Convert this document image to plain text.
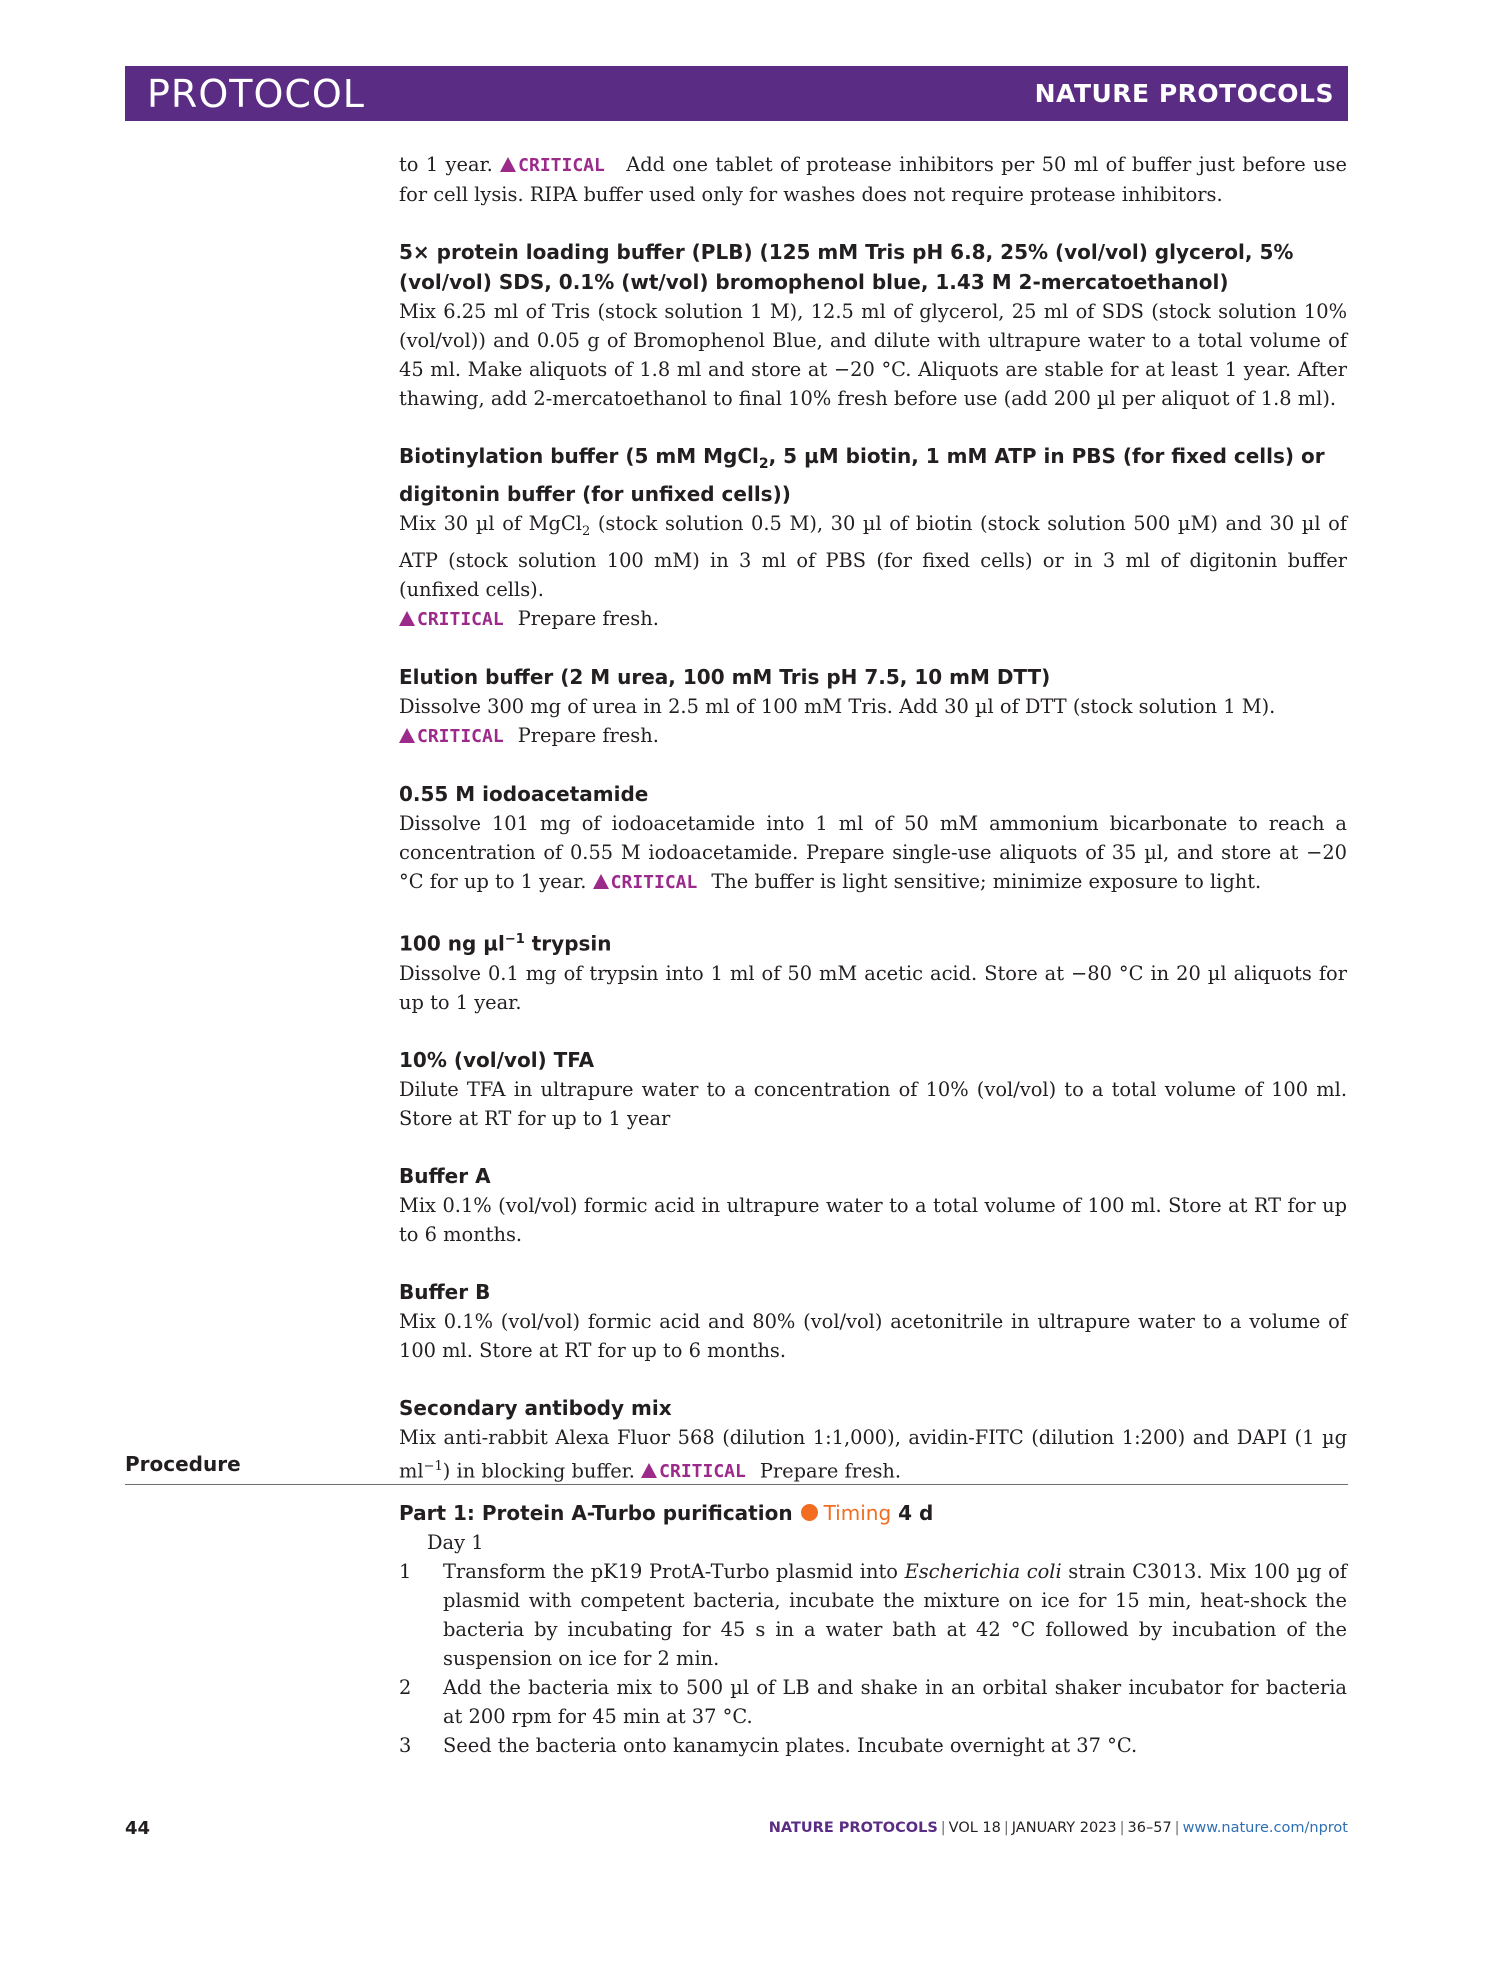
PROTOCOL	NATURE PROTOCOLS

to 1 year. CRITICAL Add one tablet of protease inhibitors per 50 ml of buffer just before use for cell lysis. RIPA buffer used only for washes does not require protease inhibitors.

5× protein loading buffer (PLB) (125 mM Tris pH 6.8, 25% (vol/vol) glycerol, 5% (vol/vol) SDS, 0.1% (wt/vol) bromophenol blue, 1.43 M 2-mercatoethanol)

Mix 6.25 ml of Tris (stock solution 1 M), 12.5 ml of glycerol, 25 ml of SDS (stock solution 10% (vol/vol)) and 0.05 g of Bromophenol Blue, and dilute with ultrapure water to a total volume of 45 ml. Make aliquots of 1.8 ml and store at −20 °C. Aliquots are stable for at least 1 year. After thawing, add 2-mercatoethanol to final 10% fresh before use (add 200 µl per aliquot of 1.8 ml).

Biotinylation buffer (5 mM MgCl$_2$, 5 µM biotin, 1 mM ATP in PBS (for fixed cells) or digitonin buffer (for unfixed cells))

Mix 30 µl of MgCl$_2$ (stock solution 0.5 M), 30 µl of biotin (stock solution 500 µM) and 30 µl of ATP (stock solution 100 mM) in 3 ml of PBS (for fixed cells) or in 3 ml of digitonin buffer (unfixed cells).
CRITICAL Prepare fresh.

Elution buffer (2 M urea, 100 mM Tris pH 7.5, 10 mM DTT)

Dissolve 300 mg of urea in 2.5 ml of 100 mM Tris. Add 30 µl of DTT (stock solution 1 M).
CRITICAL Prepare fresh.

0.55 M iodoacetamide

Dissolve 101 mg of iodoacetamide into 1 ml of 50 mM ammonium bicarbonate to reach a concentration of 0.55 M iodoacetamide. Prepare single-use aliquots of 35 µl, and store at −20 °C for up to 1 year. CRITICAL The buffer is light sensitive; minimize exposure to light.

100 ng µl$^{-1}$ trypsin

Dissolve 0.1 mg of trypsin into 1 ml of 50 mM acetic acid. Store at −80 °C in 20 µl aliquots for up to 1 year.

10% (vol/vol) TFA

Dilute TFA in ultrapure water to a concentration of 10% (vol/vol) to a total volume of 100 ml. Store at RT for up to 1 year

Buffer A

Mix 0.1% (vol/vol) formic acid in ultrapure water to a total volume of 100 ml. Store at RT for up to 6 months.

Buffer B

Mix 0.1% (vol/vol) formic acid and 80% (vol/vol) acetonitrile in ultrapure water to a volume of 100 ml. Store at RT for up to 6 months.

Secondary antibody mix

Mix anti-rabbit Alexa Fluor 568 (dilution 1:1,000), avidin-FITC (dilution 1:200) and DAPI (1 µg $ml^{-1}$) in blocking buffer. CRITICAL Prepare fresh.

Procedure
Part 1: Protein A-Turbo purification Timing 4 d
Day 1
1	Transform the pK19 ProtA-Turbo plasmid into Escherichia coli strain C3013. Mix 100 µg of plasmid with competent bacteria, incubate the mixture on ice for 15 min, heat-shock the bacteria by incubating for 45 s in a water bath at 42 °C followed by incubation of the suspension on ice for 2 min.
2	Add the bacteria mix to 500 µl of LB and shake in an orbital shaker incubator for bacteria at 200 rpm for 45 min at 37 °C.
3	Seed the bacteria onto kanamycin plates. Incubate overnight at 37 °C.
44	NATURE PROTOCOLS | VOL 18 | JANUARY 2023 | 36–57 | www.nature.com/nprot
